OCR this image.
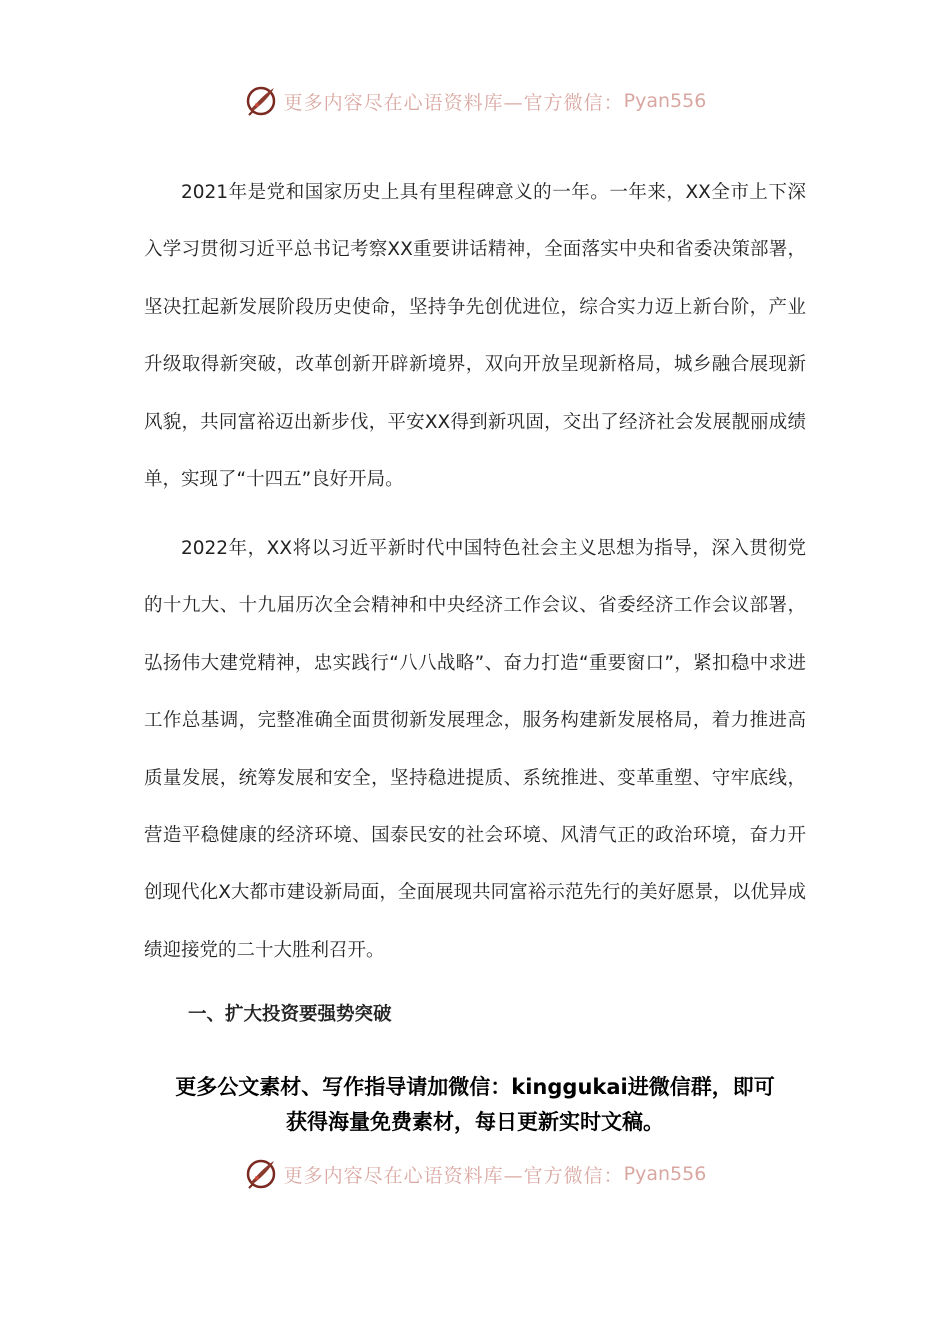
更多内容尽在心语资料库—官方微信： Pyan556

2021年是党和国家历史上具有里程碑意义的一年。一年来，XX全市上下深入学习贯彻习近平总书记考察XX重要讲话精神，全面落实中央和省委决策部署，坚决扛起新发展阶段历史使命，坚持争先创优进位，综合实力迈上新台阶，产业升级取得新突破，改革创新开辟新境界，双向开放呈现新格局，城乡融合展现新风貌，共同富裕迈出新步伐，平安XX得到新巩固，交出了经济社会发展靓丽成绩单，实现了“十四五”良好开局。

2022年，XX将以习近平新时代中国特色社会主义思想为指导，深入贯彻党的十九大、十九届历次全会精神和中央经济工作会议、省委经济工作会议部署，弘扬伟大建党精神，忠实践行“八八战略”、奋力打造“重要窗口”，紧扣稳中求进工作总基调，完整准确全面贯彻新发展理念，服务构建新发展格局，着力推进高质量发展，统筹发展和安全，坚持稳进提质、系统推进、变革重塑、守牢底线，营造平稳健康的经济环境、国泰民安的社会环境、风清气正的政治环境，奋力开创现代化X大都市建设新局面，全面展现共同富裕示范先行的美好愿景，以优异成绩迎接党的二十大胜利召开。

一、扩大投资要强势突破

更多公文素材、写作指导请加微信：kinggukai进微信群，即可
获得海量免费素材，每日更新实时文稿。
更多内容尽在心语资料库—官方微信： Pyan556
